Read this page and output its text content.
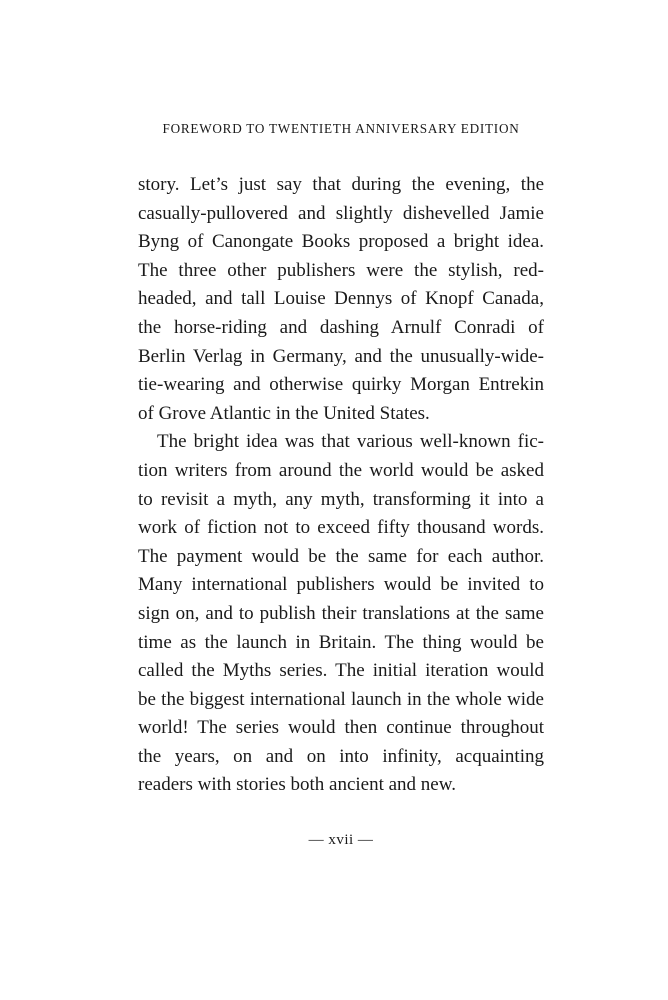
FOREWORD TO TWENTIETH ANNIVERSARY EDITION
story. Let’s just say that during the evening, the
casually-pullovered and slightly dishevelled Jamie
Byng of Canongate Books proposed a bright idea.
The three other publishers were the stylish, red-
headed, and tall Louise Dennys of Knopf Canada,
the horse-riding and dashing Arnulf Conradi of
Berlin Verlag in Germany, and the unusually-wide-
tie-wearing and otherwise quirky Morgan Entrekin
of Grove Atlantic in the United States.
The bright idea was that various well-known fic-
tion writers from around the world would be asked
to revisit a myth, any myth, transforming it into a
work of fiction not to exceed fifty thousand words.
The payment would be the same for each author.
Many international publishers would be invited to
sign on, and to publish their translations at the same
time as the launch in Britain. The thing would be
called the Myths series. The initial iteration would
be the biggest international launch in the whole wide
world! The series would then continue throughout
the years, on and on into infinity, acquainting
readers with stories both ancient and new.
— xvii —
